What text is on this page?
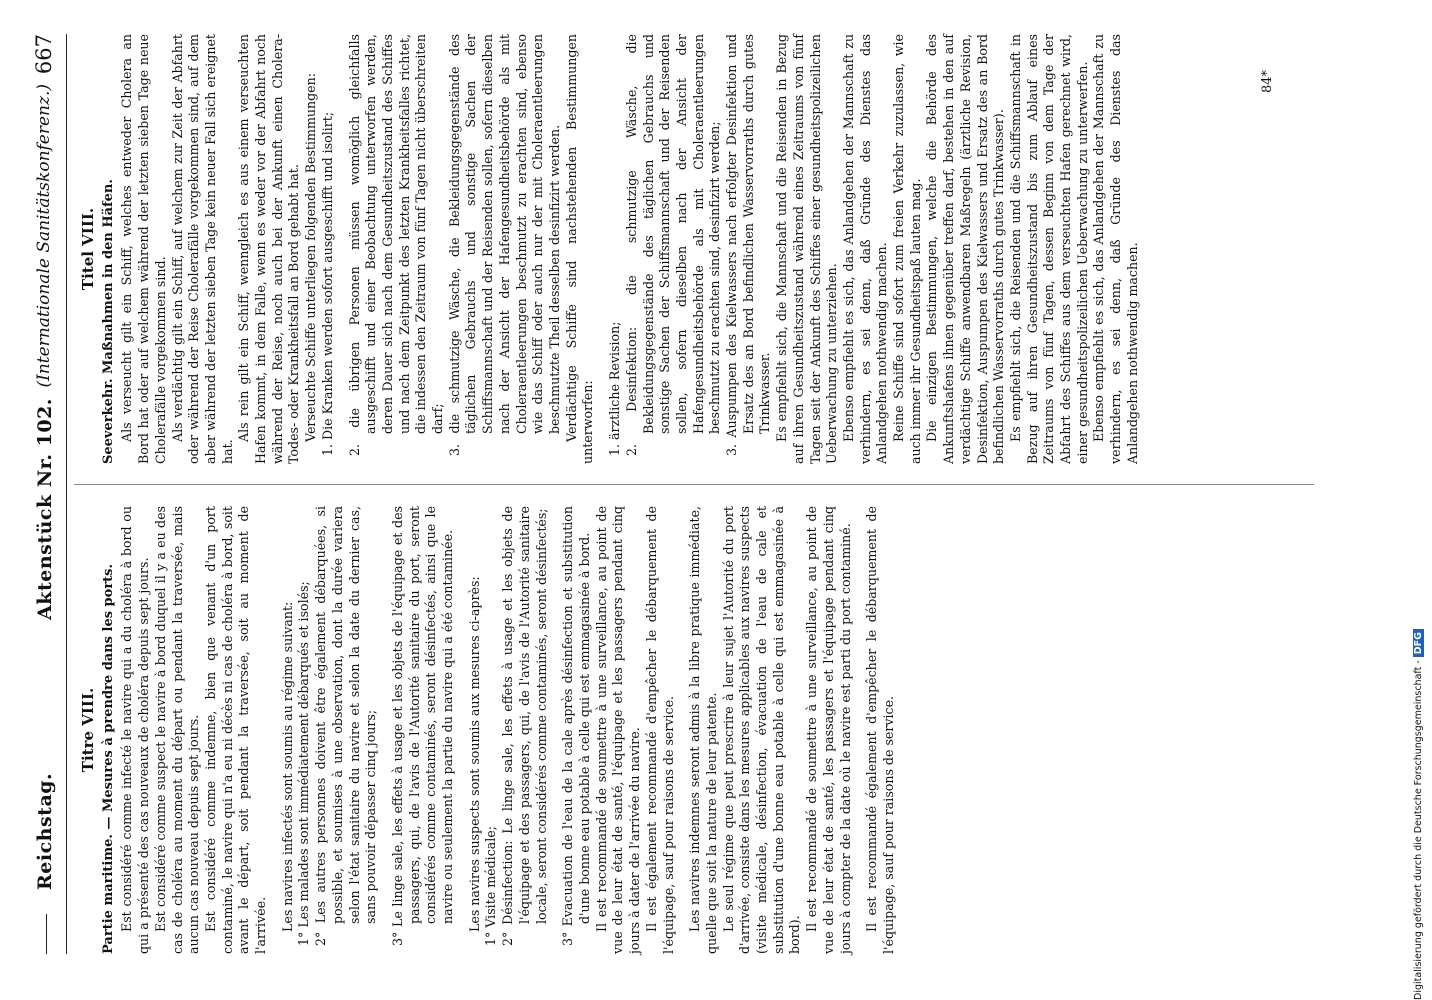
Reichstag.
Aktenstück Nr. 102.
(Internationale Sanitätskonferenz.)
667
Titre VIII. Partie maritime. — Mesures à prendre dans les ports. Est considéré comme infecté le navire qui a du choléra à bord ou qui a présenté des cas nouveaux de choléra depuis sept jours. Est considéré comme suspect le navire à bord duquel il y a eu des cas de choléra au moment du départ ou pendant la traversée, mais aucun cas nouveau depuis sept jours. Est considéré comme indemne, bien que venant d'un port contaminé, le navire qui n'a eu ni décès ni cas de choléra à bord, soit avant le départ, soit pendant la traversée, soit au moment de l'arrivée. Les navires infectés sont soumis au régime suivant: 1° Les malades sont immédiatement débarqués et isolés; 2° Les autres personnes doivent être également débarquées, si possible, et soumises à une observation, dont la durée variera selon l'état sanitaire du navire et selon la date du dernier cas, sans pouvoir dépasser cinq jours; 3° Le linge sale, les effets à usage et les objets de l'équipage et des passagers, qui, de l'avis de l'Autorité sanitaire du port, seront considérés comme contaminés, seront désinfectés, ainsi que le navire ou seulement la partie du navire qui a été contaminée. Les navires suspects sont soumis aux mesures ci-après: 1° Visite médicale; 2° Désinfection: Le linge sale, les effets à usage et les objets de l'équipage et des passagers, qui, de l'avis de l'Autorité sanitaire locale, seront considérés comme contaminés, seront désinfectés; 3° Evacuation de l'eau de la cale après désinfection et substitution d'une bonne eau potable à celle qui est emmagasinée à bord. Il est recommandé de soumettre à une surveillance, au point de vue de leur état de santé, l'équipage et les passagers pendant cinq jours à dater de l'arrivée du navire. Il est également recommandé d'empêcher le débarquement de l'équipage, sauf pour raisons de service. Les navires indemnes seront admis à la libre pratique immédiate, quelle que soit la nature de leur patente. Le seul régime que peut prescrire à leur sujet l'Autorité du port d'arrivée, consiste dans les mesures applicables aux navires suspects (visite médicale, désinfection, évacuation de l'eau de cale et substitution d'une bonne eau potable à celle qui est emmagasinée à bord).

Il est recommandé de soumettre à une surveillance, au point de vue de leur état de santé, les passagers et l'équipage pendant cinq jours à compter de la date où le navire est parti du port contaminé. Il est recommandé également d'empêcher le débarquement de l'équipage, sauf pour raisons de service.

Titel VIII. Seeverkehr. Maßnahmen in den Häfen. Als verseucht gilt ein Schiff, welches entweder Cholera an Bord hat oder auf welchem während der letzten sieben Tage neue Cholerafälle vorgekommen sind. Als verdächtig gilt ein Schiff, auf welchem zur Zeit der Abfahrt oder während der Reise Cholerafälle vorgekommen sind, auf dem aber während der letzten sieben Tage kein neuer Fall sich ereignet hat.

Als rein gilt ein Schiff, wenngleich es aus einem verseuchten Hafen kommt, in dem Falle, wenn es weder vor der Abfahrt noch während der Reise, noch auch bei der Ankunft einen Cholera-Todes- oder Krankheitsfall an Bord gehabt hat. Verseuchte Schiffe unterliegen folgenden Bestimmungen: 1. Die Kranken werden sofort ausgeschifft und isolirt; 2. die übrigen Personen müssen womöglich gleichfalls ausgeschifft und einer Beobachtung unterworfen werden, deren Dauer sich nach dem Gesundheitszustand des Schiffes und nach dem Zeitpunkt des letzten Krankheitsfalles richtet, die indessen den Zeitraum von fünf Tagen nicht überschreiten darf; 3. die schmutzige Wäsche, die Bekleidungsgegenstände des täglichen Gebrauchs und sonstige Sachen der Schiffsmannschaft und der Reisenden sollen, sofern dieselben nach der Ansicht der Hafengesundheitsbehörde als mit Choleraentleerungen beschmutzt zu erachten sind, ebenso wie das Schiff oder auch nur der mit Choleraentleerungen beschmutzte Theil desselben desinfizirt werden. Verdächtige Schiffe sind nachstehenden Bestimmungen unterworfen: 1. ärztliche Revision; 2. Desinfektion: die schmutzige Wäsche, die Bekleidungsgegenstände des täglichen Gebrauchs und sonstige Sachen der Schiffsmannschaft und der Reisenden sollen, sofern dieselben nach der Ansicht der Hafengesundheitsbehörde als mit Choleraentleerungen beschmutzt zu erachten sind, desinfizirt werden; 3. Auspumpen des Kielwassers nach erfolgter Desinfektion und Ersatz des an Bord befindlichen Wasservorraths durch gutes Trinkwasser. Es empfiehlt sich, die Mannschaft und die Reisenden in Bezug auf ihren Gesundheitszustand während eines Zeitraums von fünf Tagen seit der Ankunft des Schiffes einer gesundheitspolizeilichen Ueberwachung zu unterziehen. Ebenso empfiehlt es sich, das Anlandgehen der Mannschaft zu verhindern, es sei denn, daß Gründe des Dienstes das Anlandgehen nothwendig machen. Reine Schiffe sind sofort zum freien Verkehr zuzulassen, wie auch immer ihr Gesundheitspaß lauten mag. Die einzigen Bestimmungen, welche die Behörde des Ankunftshafens ihnen gegenüber treffen darf, bestehen in den auf verdächtige Schiffe anwendbaren Maßregeln (ärztliche Revision, Desinfektion, Auspumpen des Kielwassers und Ersatz des an Bord befindlichen Wasservorraths durch gutes Trinkwasser). Es empfiehlt sich, die Reisenden und die Schiffsmannschaft in Bezug auf ihren Gesundheitszustand bis zum Ablauf eines Zeitraums von fünf Tagen, dessen Beginn von dem Tage der Abfahrt des Schiffes aus dem verseuchten Hafen gerechnet wird, einer gesundheitspolizeilichen Ueberwachung zu unterwerfen. Ebenso empfiehlt es sich, das Anlandgehen der Mannschaft zu verhindern, es sei denn, daß Gründe des Dienstes das Anlandgehen nothwendig machen.

84*
Digitalisierung gefördert durch die Deutsche Forschungsgemeinschaft -DFG
